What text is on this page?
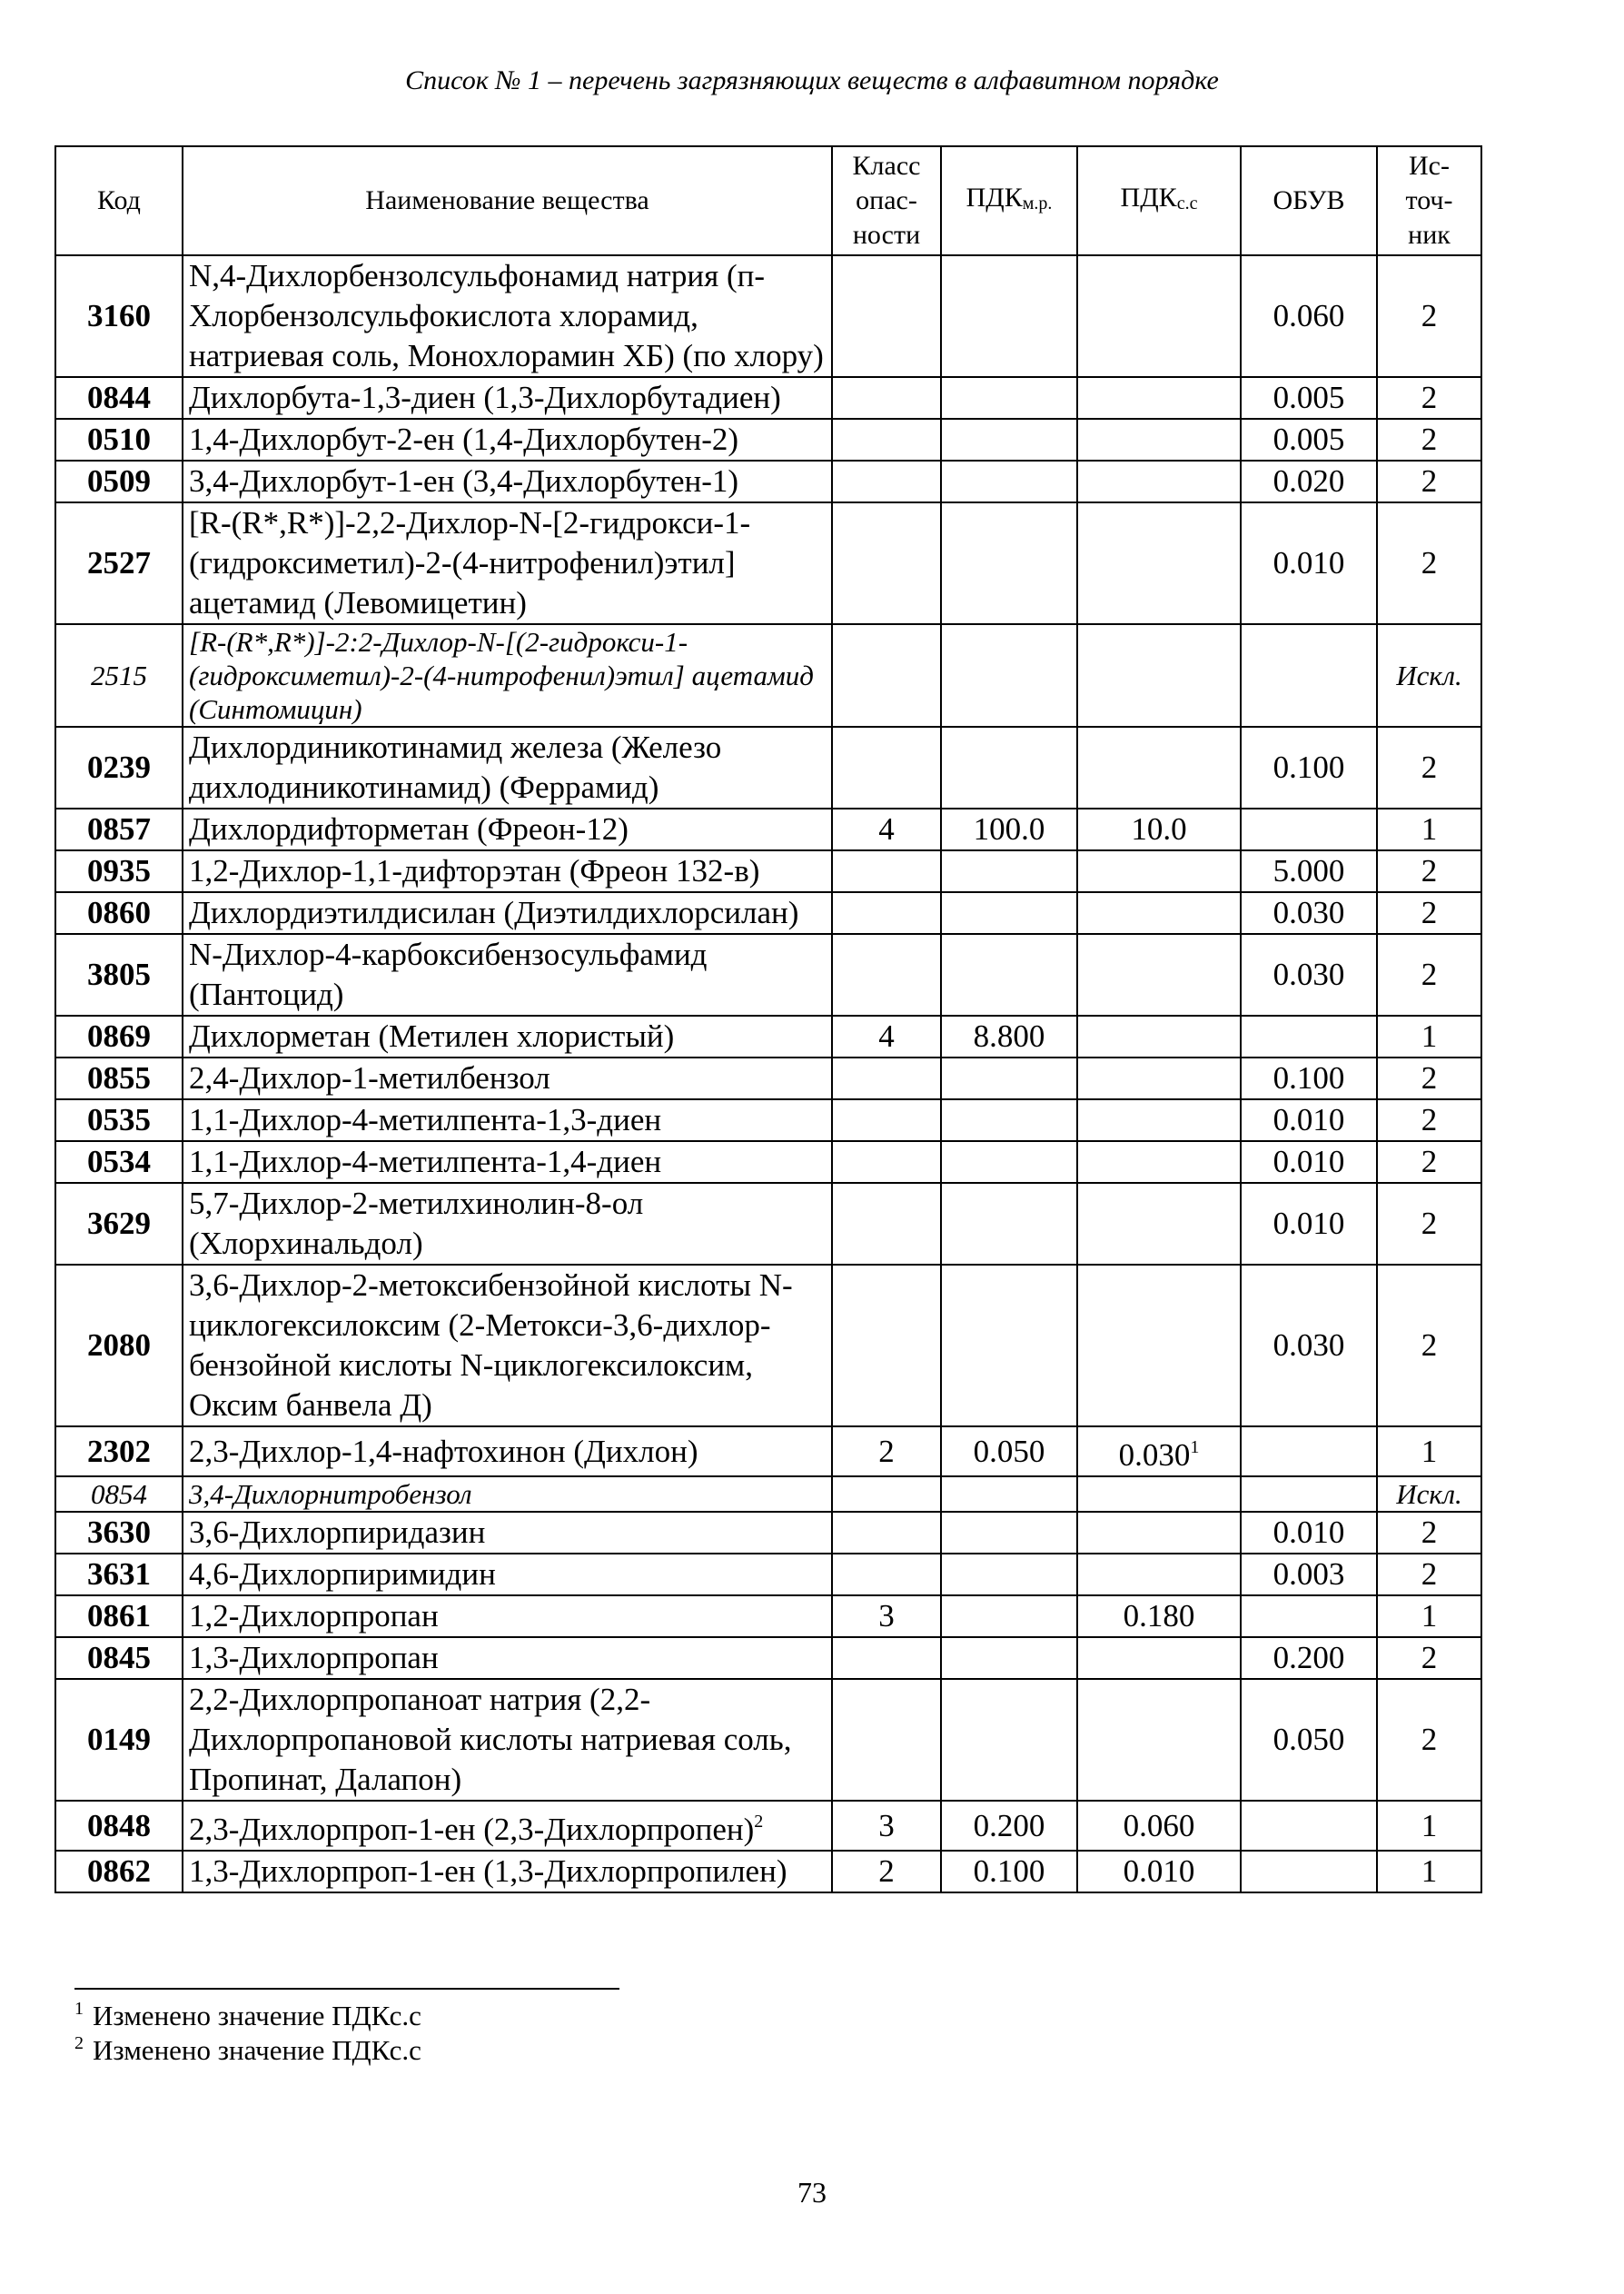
Список № 1 – перечень загрязняющих веществ в алфавитном порядке
Код	Наименование вещества	Класс опас- ности	ПДКм.р.	ПДКс.с	ОБУВ	Ис- точ- ник
3160	N,4-Дихлорбензолсульфонамид натрия (п-Хлорбензолсульфокислота хлорамид, натриевая соль, Монохлорамин ХБ) (по хлору)				0.060	2
0844	Дихлорбута-1,3-диен (1,3-Дихлорбутадиен)				0.005	2
0510	1,4-Дихлорбут-2-ен (1,4-Дихлорбутен-2)				0.005	2
0509	3,4-Дихлорбут-1-ен (3,4-Дихлорбутен-1)				0.020	2
2527	[R-(R*,R*)]-2,2-Дихлор-N-[2-гидрокси-1-(гидроксиметил)-2-(4-нитрофенил)этил] ацетамид (Левомицетин)				0.010	2
2515	[R-(R*,R*)]-2:2-Дихлор-N-[(2-гидрокси-1-(гидроксиметил)-2-(4-нитрофенил)этил] ацетамид (Синтомицин)					Искл.
0239	Дихлординикотинамид железа (Железо дихлодиникотинамид) (Феррамид)				0.100	2
0857	Дихлордифторметан (Фреон-12)	4	100.0	10.0		1
0935	1,2-Дихлор-1,1-дифторэтан (Фреон 132-в)				5.000	2
0860	Дихлордиэтилдисилан (Диэтилдихлорсилан)				0.030	2
3805	N-Дихлор-4-карбоксибензосульфамид (Пантоцид)				0.030	2
0869	Дихлорметан (Метилен хлористый)	4	8.800			1
0855	2,4-Дихлор-1-метилбензол				0.100	2
0535	1,1-Дихлор-4-метилпента-1,3-диен				0.010	2
0534	1,1-Дихлор-4-метилпента-1,4-диен				0.010	2
3629	5,7-Дихлор-2-метилхинолин-8-ол (Хлорхинальдол)				0.010	2
2080	3,6-Дихлор-2-метоксибензойной кислоты N-циклогексилоксим (2-Метокси-3,6-дихлор-бензойной кислоты N-циклогексилоксим, Оксим банвела Д)				0.030	2
2302	2,3-Дихлор-1,4-нафтохинон (Дихлон)	2	0.050	0.030$^1$		1
0854	3,4-Дихлорнитробензол					Искл.
3630	3,6-Дихлорпиридазин				0.010	2
3631	4,6-Дихлорпиримидин				0.003	2
0861	1,2-Дихлорпропан	3		0.180		1
0845	1,3-Дихлорпропан				0.200	2
0149	2,2-Дихлорпропаноат натрия (2,2-Дихлорпропановой кислоты натриевая соль, Пропинат, Далапон)				0.050	2
0848	2,3-Дихлорпроп-1-ен (2,3-Дихлорпропен)$^2$	3	0.200	0.060		1
0862	1,3-Дихлорпроп-1-ен (1,3-Дихлорпропилен)	2	0.100	0.010		1
1 Изменено значение ПДКс.с
2 Изменено значение ПДКс.с
73
